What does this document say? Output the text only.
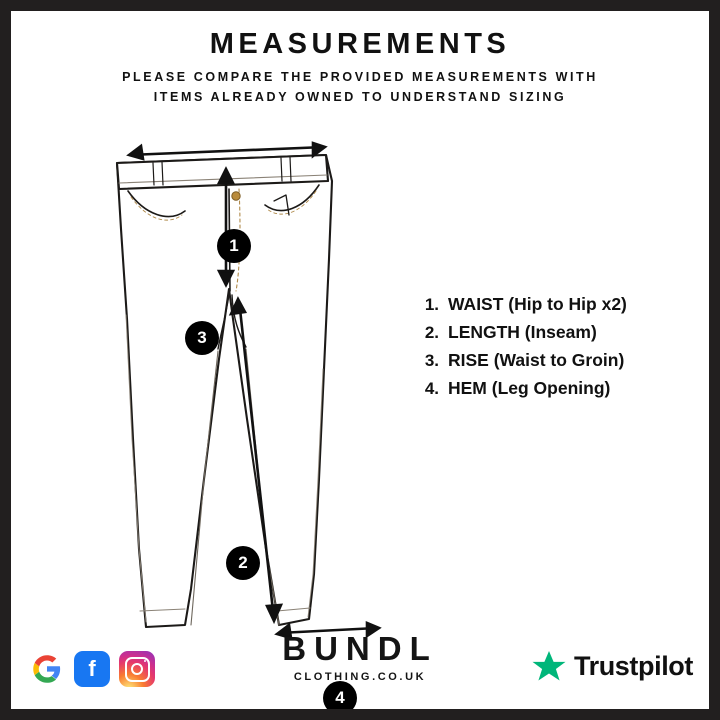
MEASUREMENTS
PLEASE COMPARE THE PROVIDED MEASUREMENTS WITH
ITEMS ALREADY OWNED TO UNDERSTAND SIZING
1
3
2
4
1. WAIST (Hip to Hip x2)
2. LENGTH (Inseam)
3. RISE (Waist to Groin)
4. HEM (Leg Opening)
f
BUNDL
CLOTHING.CO.UK	Trustpilot
